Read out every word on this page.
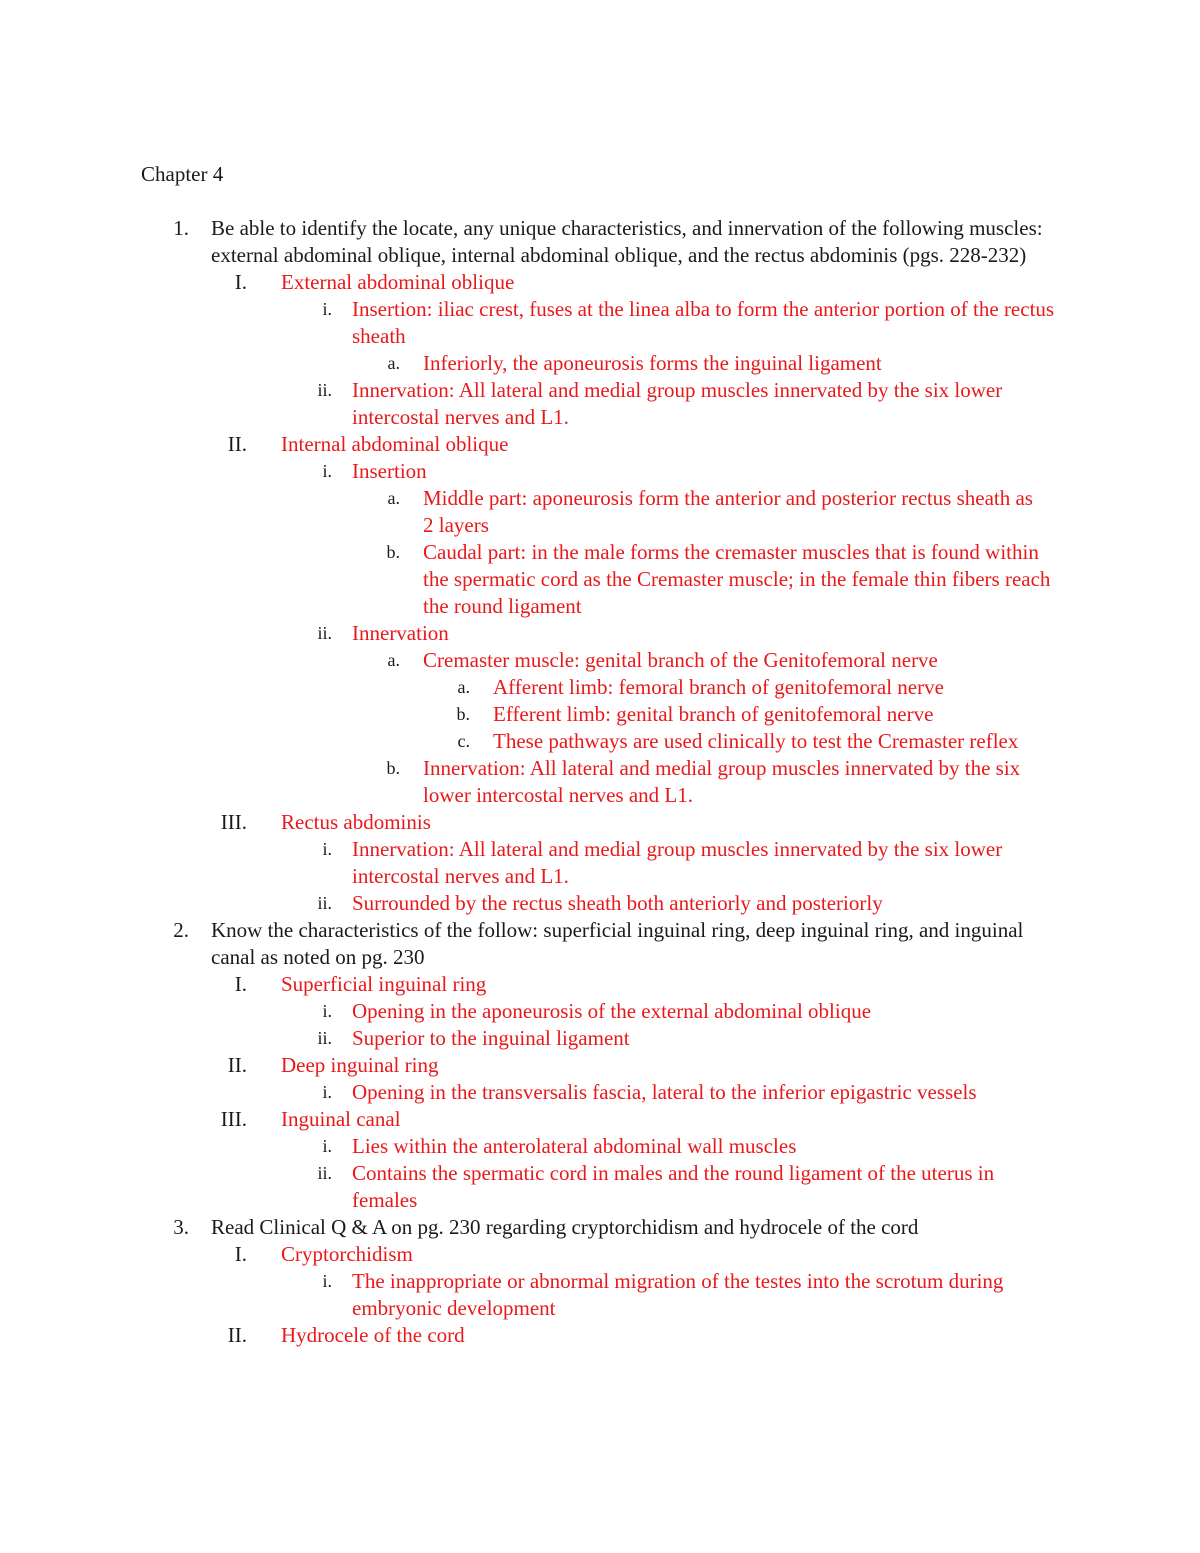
Chapter 4
1. Be able to identify the locate, any unique characteristics, and innervation of the following muscles: external abdominal oblique, internal abdominal oblique, and the rectus abdominis (pgs. 228-232)
I. External abdominal oblique
i. Insertion: iliac crest, fuses at the linea alba to form the anterior portion of the rectus sheath
a. Inferiorly, the aponeurosis forms the inguinal ligament
ii. Innervation: All lateral and medial group muscles innervated by the six lower intercostal nerves and L1.
II. Internal abdominal oblique
i. Insertion
a. Middle part: aponeurosis form the anterior and posterior rectus sheath as 2 layers
b. Caudal part: in the male forms the cremaster muscles that is found within the spermatic cord as the Cremaster muscle; in the female thin fibers reach the round ligament
ii. Innervation
a. Cremaster muscle: genital branch of the Genitofemoral nerve
a. Afferent limb: femoral branch of genitofemoral nerve
b. Efferent limb: genital branch of genitofemoral nerve
c. These pathways are used clinically to test the Cremaster reflex
b. Innervation: All lateral and medial group muscles innervated by the six lower intercostal nerves and L1.
III. Rectus abdominis
i. Innervation: All lateral and medial group muscles innervated by the six lower intercostal nerves and L1.
ii. Surrounded by the rectus sheath both anteriorly and posteriorly
2. Know the characteristics of the follow: superficial inguinal ring, deep inguinal ring, and inguinal canal as noted on pg. 230
I. Superficial inguinal ring
i. Opening in the aponeurosis of the external abdominal oblique
ii. Superior to the inguinal ligament
II. Deep inguinal ring
i. Opening in the transversalis fascia, lateral to the inferior epigastric vessels
III. Inguinal canal
i. Lies within the anterolateral abdominal wall muscles
ii. Contains the spermatic cord in males and the round ligament of the uterus in females
3. Read Clinical Q & A on pg. 230 regarding cryptorchidism and hydrocele of the cord
I. Cryptorchidism
i. The inappropriate or abnormal migration of the testes into the scrotum during embryonic development
II. Hydrocele of the cord
